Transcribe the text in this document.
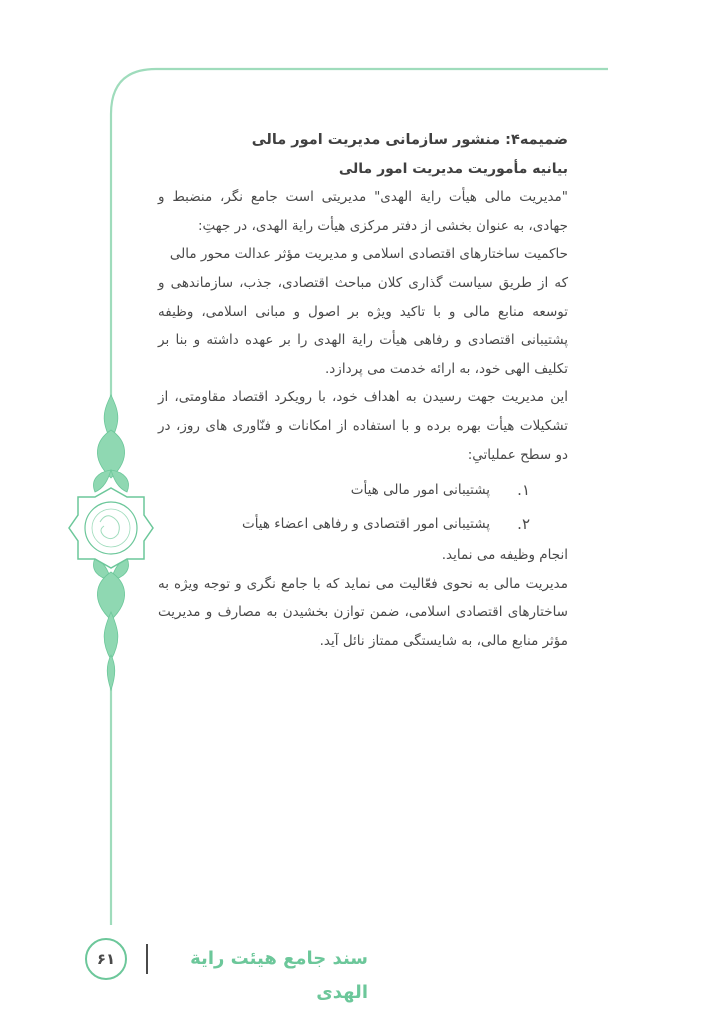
ضمیمه۴: منشور سازمانی مدیریت امور مالی

بیانیه مأموریت مدیریت امور مالی

"مدیریت مالی هیأت رایة الهدی" مدیریتی است جامع نگر، منضبط و جهادی، به عنوان بخشی از دفتر مرکزی هیأت رایة الهدی، در جهتِ:

حاکمیت ساختارهای اقتصادی اسلامی و مدیریت مؤثر عدالت محور مالی

که از طریق سیاست گذاری کلان مباحث اقتصادی، جذب، سازماندهی و توسعه منابع مالی و با تاکید ویژه بر اصول و مبانی اسلامی، وظیفه پشتیبانی اقتصادی و رفاهی هیأت رایة الهدی را بر عهده داشته و بنا بر تکلیف الهی خود، به ارائه خدمت می پردازد.

این مدیریت جهت رسیدن به اهداف خود، با رویکرد اقتصاد مقاومتی، از تشکیلات هیأت بهره برده و با استفاده از امکانات و فنّاوری های روز، در دو سطح عملیاتیِ:

۱.
پشتیبانی امور مالی هیأت
۲.
پشتیبانی امور اقتصادی و رفاهی اعضاء هیأت

انجام وظیفه می نماید.

مدیریت مالی به نحوی فعّالیت می نماید که با جامع نگری و توجه ویژه به ساختارهای اقتصادی اسلامی، ضمن توازن بخشیدن به مصارف و مدیریت مؤثر منابع مالی، به شایستگی ممتاز نائل آید.

۶۱	سند جامع هیئت رایة الهدی
